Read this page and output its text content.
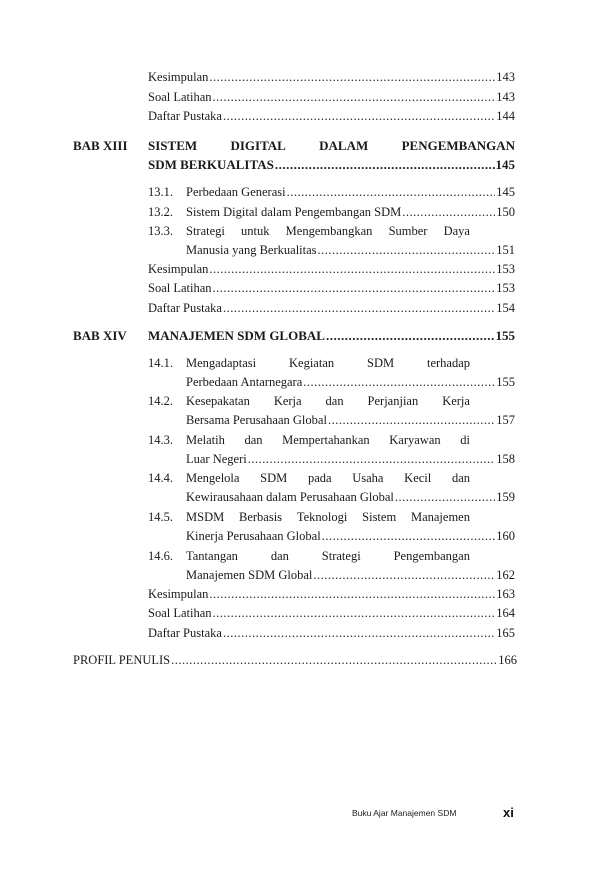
Kesimpulan .....	143
Soal Latihan .....	143
Daftar Pustaka .....	144
BAB XIII SISTEM	DIGITAL	DALAM	PENGEMBANGAN
SDM BERKUALITAS .....	145
13.1. Perbedaan Generasi .....	145
13.2. Sistem Digital dalam Pengembangan SDM .....	150
13.3. Strategi untuk Mengembangkan Sumber Daya
Manusia yang Berkualitas .....	151
Kesimpulan .....	153
Soal Latihan .....	153
Daftar Pustaka .....	154
BAB XIV MANAJEMEN SDM GLOBAL .....	155
14.1. Mengadaptasi	Kegiatan	SDM	terhadap
Perbedaan Antarnegara .....	155
14.2. Kesepakatan Kerja dan Perjanjian Kerja
Bersama Perusahaan Global .....	157
14.3. Melatih dan Mempertahankan Karyawan di
Luar Negeri .....	158
14.4. Mengelola SDM pada Usaha Kecil dan
Kewirausahaan dalam Perusahaan Global .....	159
14.5. MSDM Berbasis Teknologi Sistem Manajemen
Kinerja Perusahaan Global .....	160
14.6. Tantangan	dan	Strategi	Pengembangan
Manajemen SDM Global .....	162
Kesimpulan .....	163
Soal Latihan .....	164
Daftar Pustaka .....	165
PROFIL PENULIS .....	166
Buku Ajar Manajemen SDM	xi
